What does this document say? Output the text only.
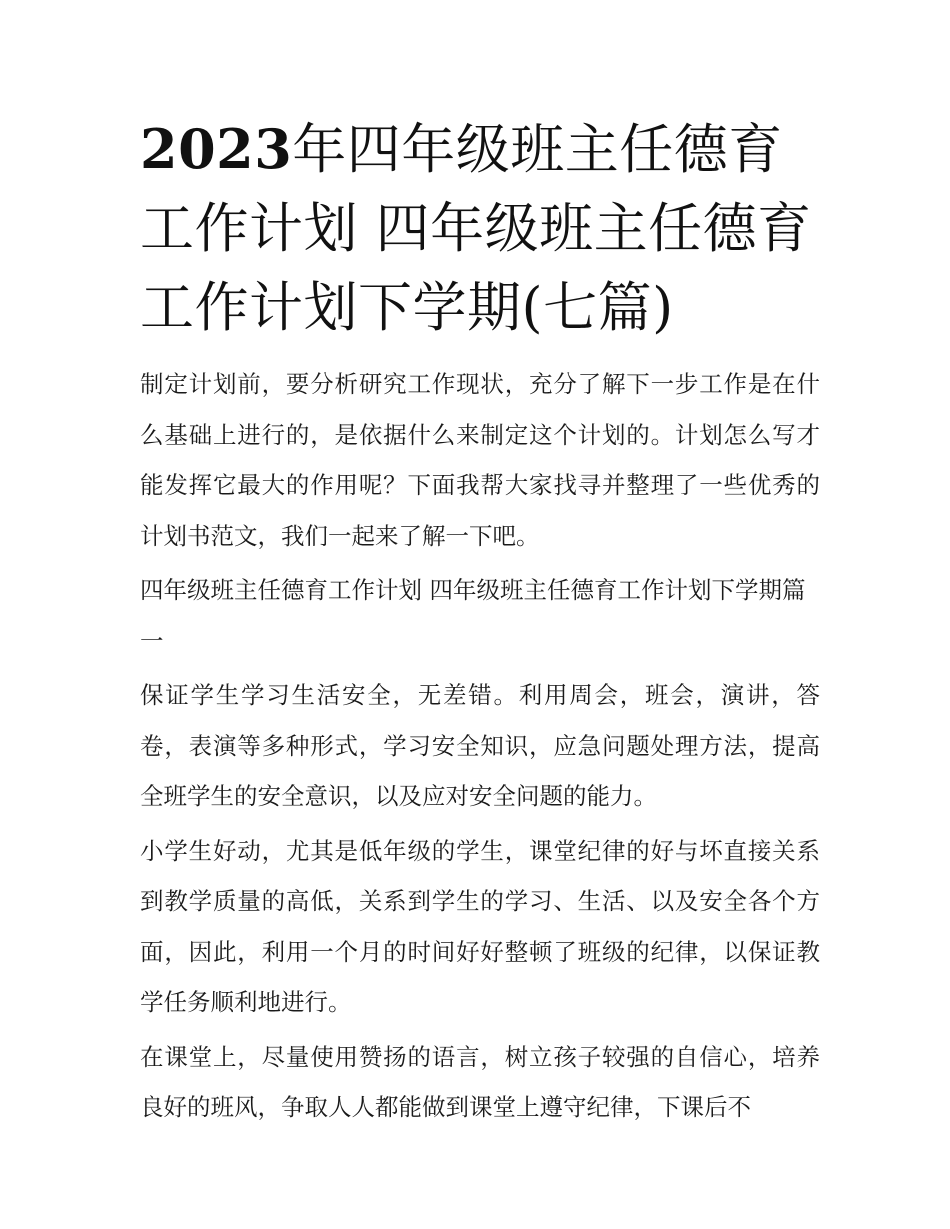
2023年四年级班主任德育工作计划 四年级班主任德育工作计划下学期(七篇)

制定计划前，要分析研究工作现状，充分了解下一步工作是在什么基础上进行的，是依据什么来制定这个计划的。计划怎么写才能发挥它最大的作用呢？下面我帮大家找寻并整理了一些优秀的计划书范文，我们一起来了解一下吧。

四年级班主任德育工作计划 四年级班主任德育工作计划下学期篇一

保证学生学习生活安全，无差错。利用周会，班会，演讲，答卷，表演等多种形式，学习安全知识，应急问题处理方法，提高全班学生的安全意识，以及应对安全问题的能力。

小学生好动，尤其是低年级的学生，课堂纪律的好与坏直接关系到教学质量的高低，关系到学生的学习、生活、以及安全各个方面，因此，利用一个月的时间好好整顿了班级的纪律，以保证教学任务顺利地进行。

在课堂上，尽量使用赞扬的语言，树立孩子较强的自信心，培养良好的班风，争取人人都能做到课堂上遵守纪律，下课后不
